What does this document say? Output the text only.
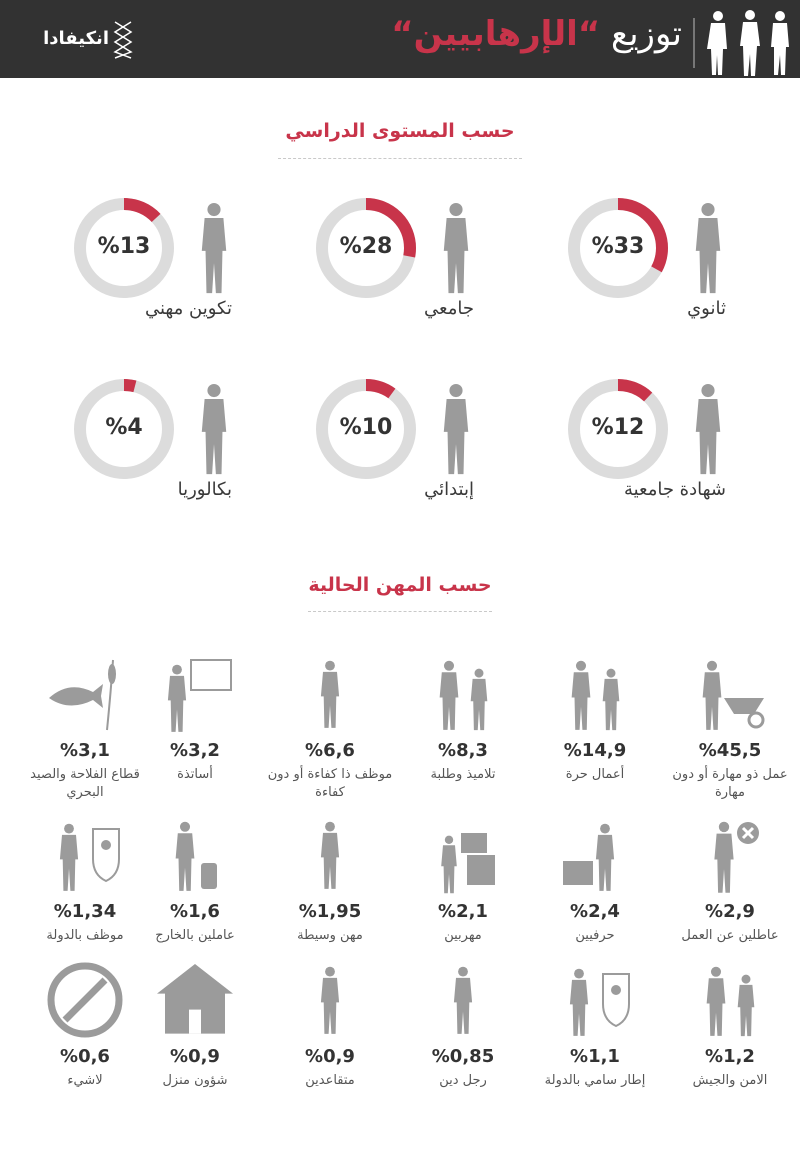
انكيفادا	توزيع “الإرهابيين“
حسب المستوى الدراسي
%33
ثانوي
%28
جامعي
%13
تكوين مهني
%12
شهادة جامعية
%10
إبتدائي
%4
بكالوريا
حسب المهن الحالية
%45,5
عمل ذو مهارة أو دون مهارة
%14,9
أعمال حرة
%8,3
تلاميذ وطلبة
%6,6
موظف ذا كفاءة أو دون كفاءة
%3,2
أساتذة
%3,1
قطاع الفلاحة والصيد البحري
%2,9
عاطلين عن العمل
%2,4
حرفيين
%2,1
مهربين
%1,95
مهن وسيطة
%1,6
عاملين بالخارج
%1,34
موظف بالدولة
%1,2
الامن والجيش
%1,1
إطار سامي بالدولة
%0,85
رجل دين
%0,9
متقاعدين
%0,9
شؤون منزل
%0,6
لاشيء
